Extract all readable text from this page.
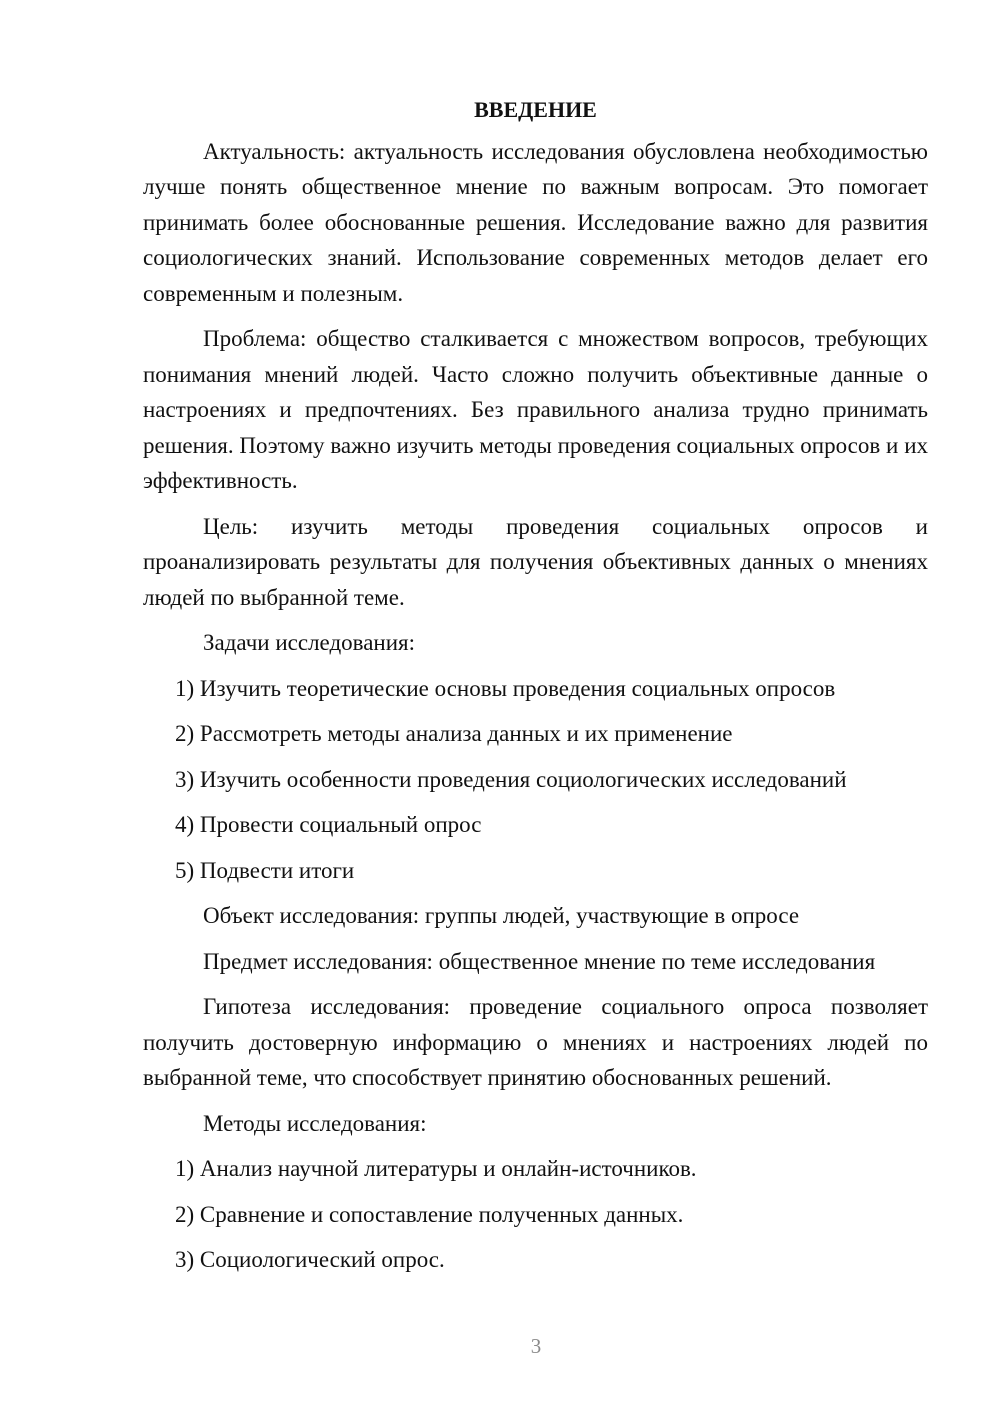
ВВЕДЕНИЕ

Актуальность: актуальность исследования обусловлена необходимостью лучше понять общественное мнение по важным вопросам. Это помогает принимать более обоснованные решения. Исследование важно для развития социологических знаний. Использование современных методов делает его современным и полезным.

Проблема: общество сталкивается с множеством вопросов, требующих понимания мнений людей. Часто сложно получить объективные данные о настроениях и предпочтениях. Без правильного анализа трудно принимать решения. Поэтому важно изучить методы проведения социальных опросов и их эффективность.

Цель: изучить методы проведения социальных опросов и проанализировать результаты для получения объективных данных о мнениях людей по выбранной теме.

Задачи исследования:
1) Изучить теоретические основы проведения социальных опросов
2) Рассмотреть методы анализа данных и их применение
3) Изучить особенности проведения социологических исследований
4) Провести социальный опрос
5) Подвести итоги
Объект исследования: группы людей, участвующие в опросе
Предмет исследования: общественное мнение по теме исследования

Гипотеза исследования: проведение социального опроса позволяет получить достоверную информацию о мнениях и настроениях людей по выбранной теме, что способствует принятию обоснованных решений.

Методы исследования:
1) Анализ научной литературы и онлайн-источников.
2) Сравнение и сопоставление полученных данных.
3) Социологический опрос.
3
